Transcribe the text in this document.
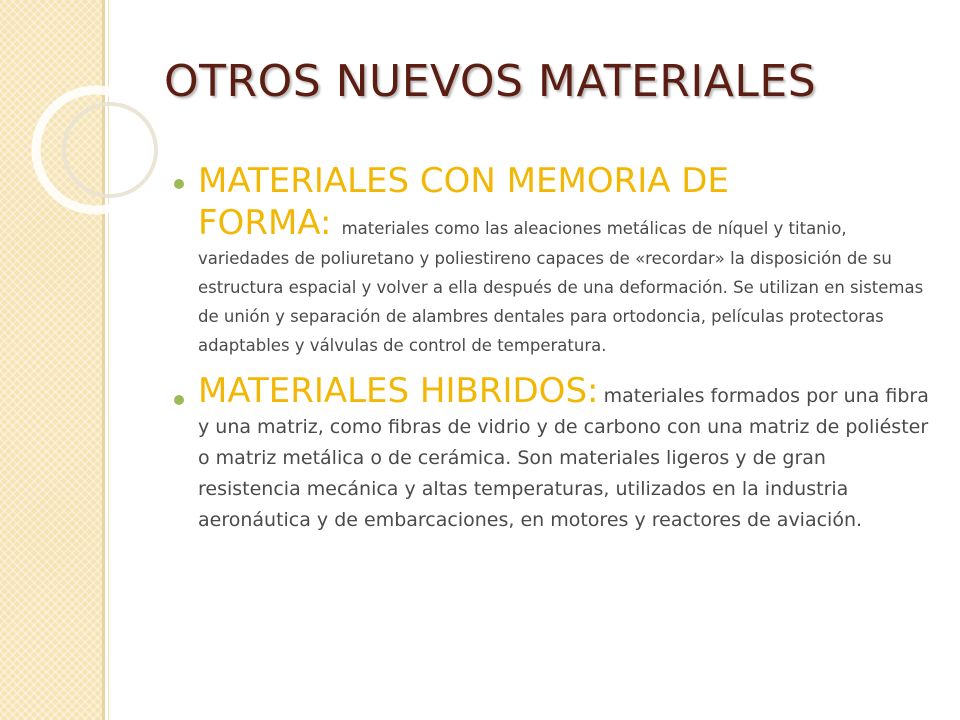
OTROS NUEVOS MATERIALES
MATERIALES CON MEMORIA DE FORMA: materiales como las aleaciones metálicas de níquel y titanio, variedades de poliuretano y poliestireno capaces de «recordar» la disposición de su estructura espacial y volver a ella después de una deformación. Se utilizan en sistemas de unión y separación de alambres dentales para ortodoncia, películas protectoras adaptables y válvulas de control de temperatura.
MATERIALES HIBRIDOS: materiales formados por una fibra y una matriz, como fibras de vidrio y de carbono con una matriz de poliéster o matriz metálica o de cerámica. Son materiales ligeros y de gran resistencia mecánica y altas temperaturas, utilizados en la industria aeronáutica y de embarcaciones, en motores y reactores de aviación.
